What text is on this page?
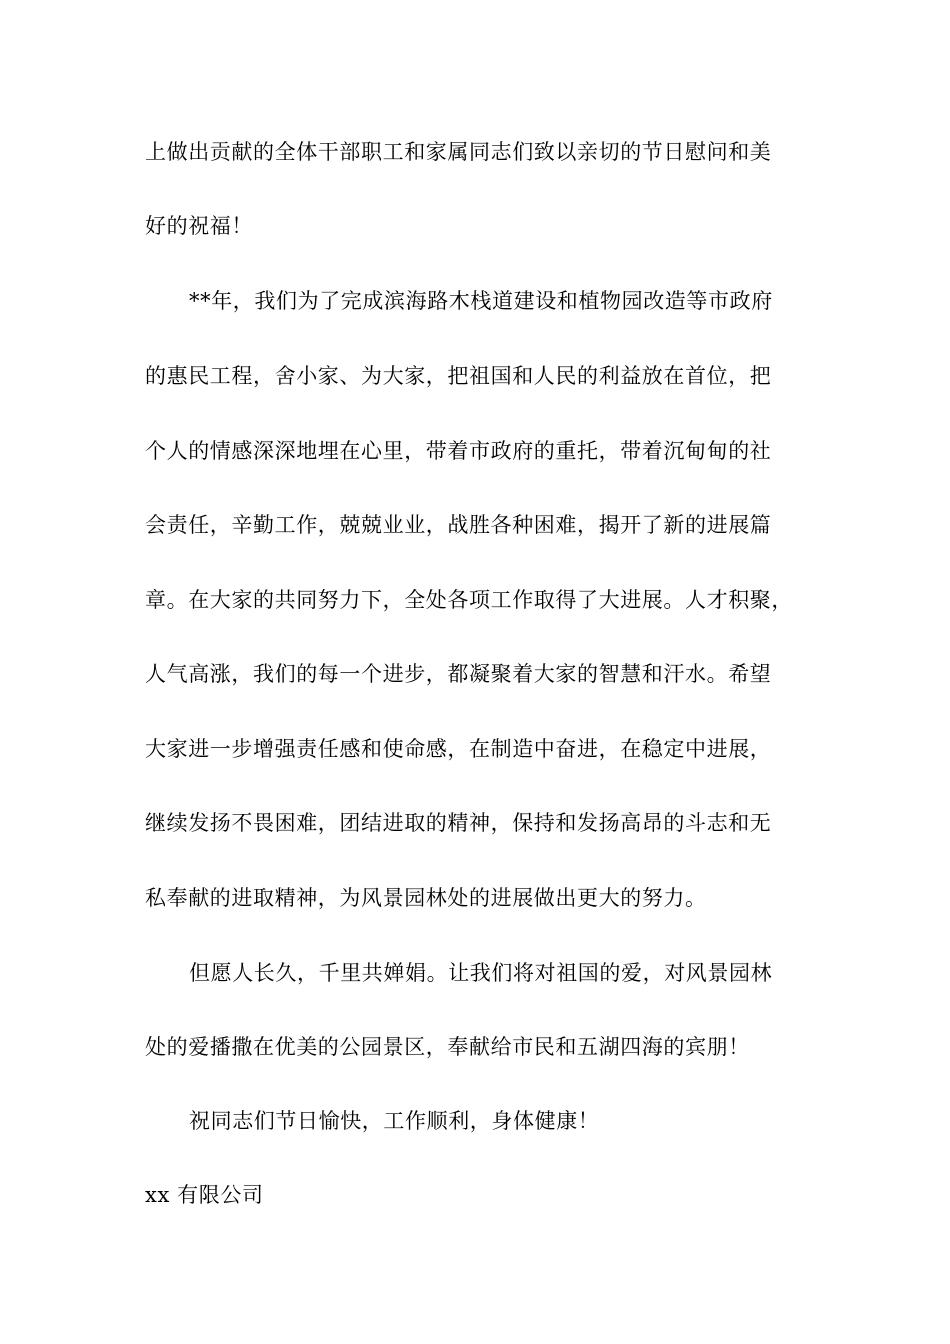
上做出贡献的全体干部职工和家属同志们致以亲切的节日慰问和美
好的祝福！
**年，我们为了完成滨海路木栈道建设和植物园改造等市政府
的惠民工程，舍小家、为大家，把祖国和人民的利益放在首位，把
个人的情感深深地埋在心里，带着市政府的重托，带着沉甸甸的社
会责任，辛勤工作，兢兢业业，战胜各种困难，揭开了新的进展篇
章。在大家的共同努力下，全处各项工作取得了大进展。人才积聚，
人气高涨，我们的每一个进步，都凝聚着大家的智慧和汗水。希望
大家进一步增强责任感和使命感，在制造中奋进，在稳定中进展，
继续发扬不畏困难，团结进取的精神，保持和发扬高昂的斗志和无
私奉献的进取精神，为风景园林处的进展做出更大的努力。
但愿人长久，千里共婵娟。让我们将对祖国的爱，对风景园林
处的爱播撒在优美的公园景区，奉献给市民和五湖四海的宾朋！
祝同志们节日愉快，工作顺利，身体健康！
xx 有限公司
